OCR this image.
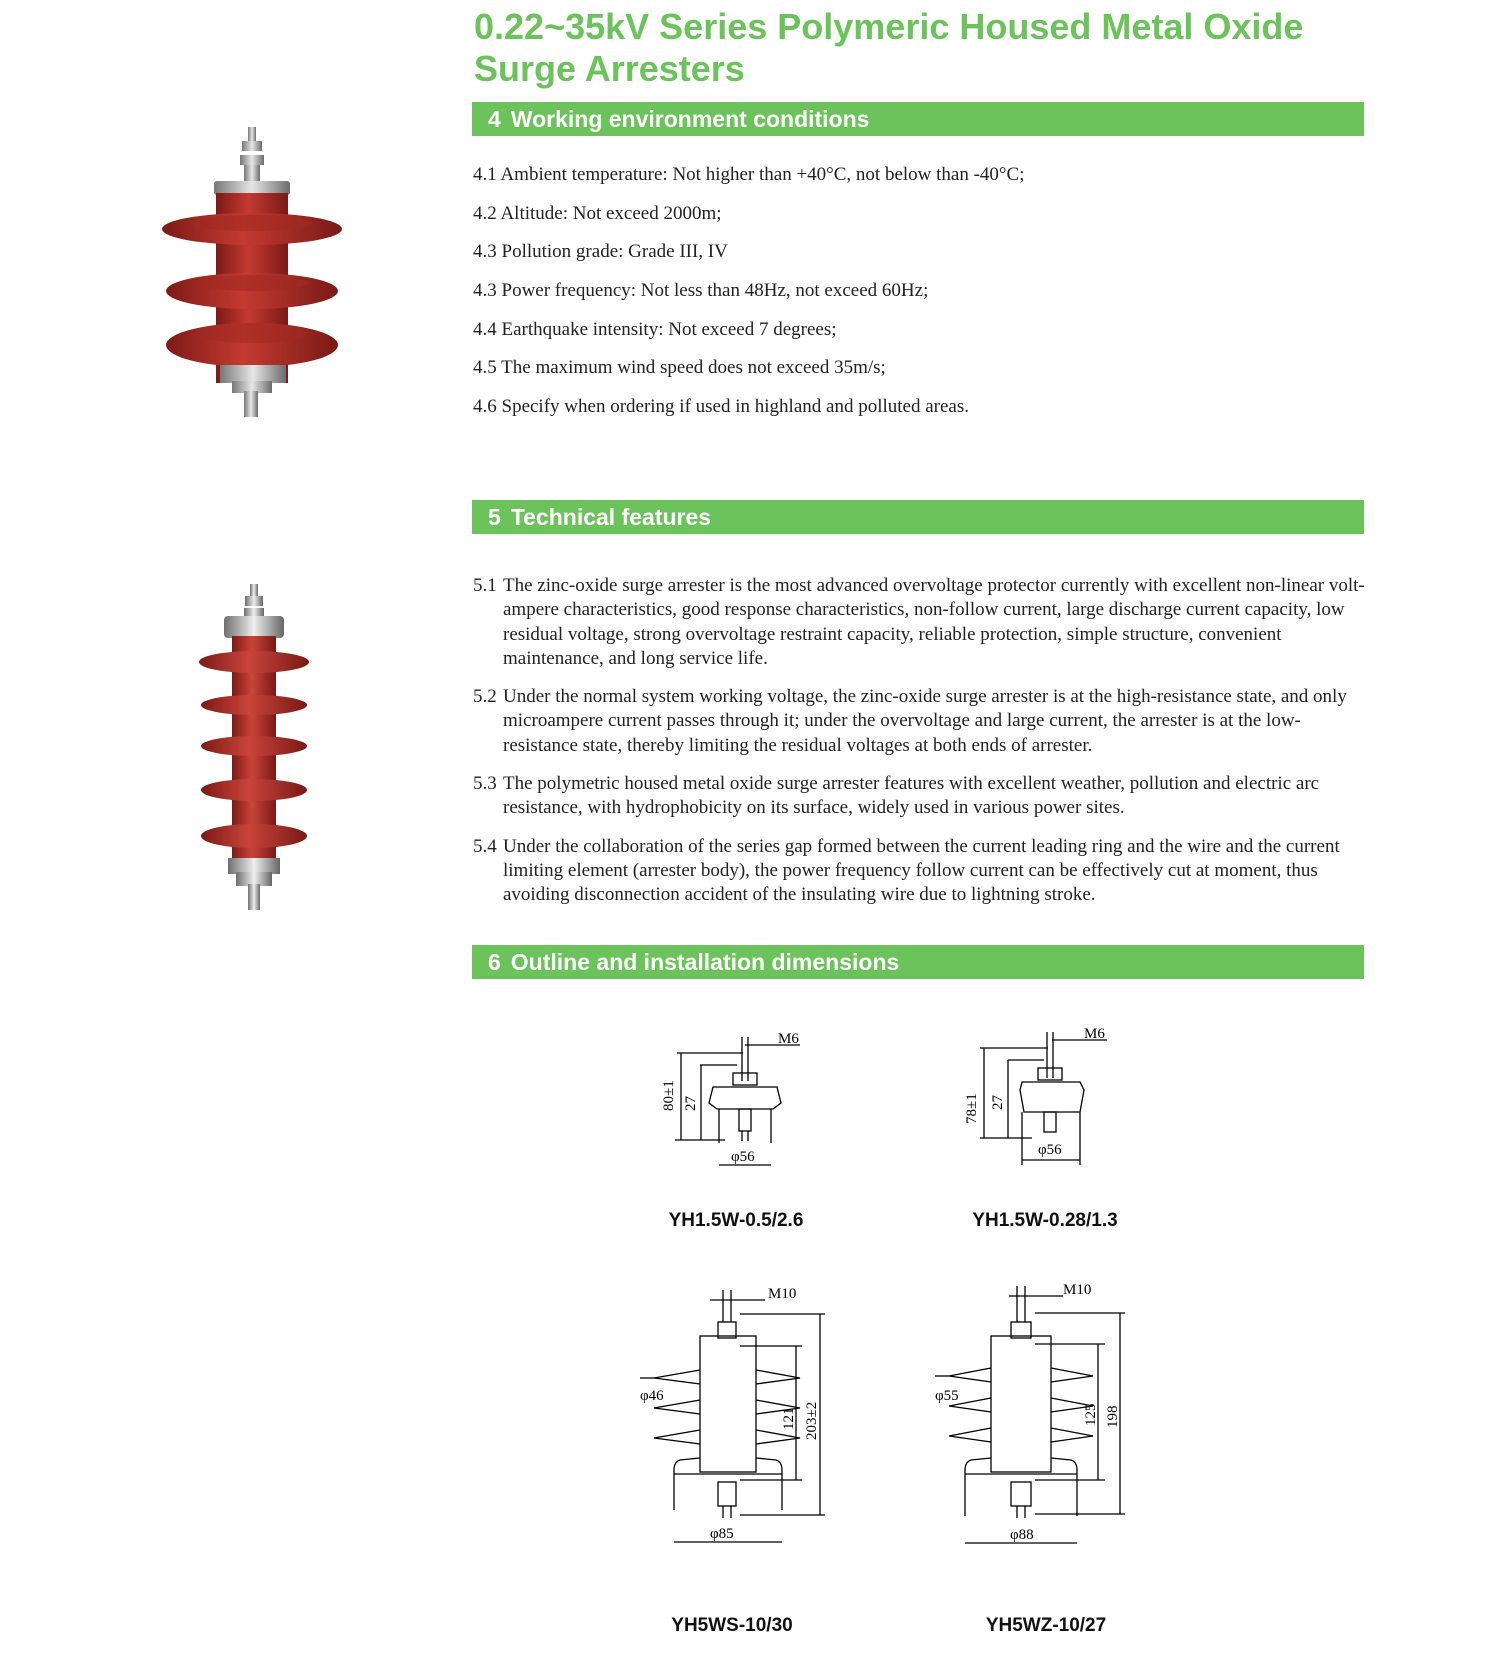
0.22~35kV Series Polymeric Housed Metal Oxide
Surge Arresters
4 Working environment conditions
4.1 Ambient temperature: Not higher than +40°C, not below than -40°C;
4.2 Altitude: Not exceed 2000m;
4.3 Pollution grade: Grade III, IV
4.3 Power frequency: Not less than 48Hz, not exceed 60Hz;
4.4 Earthquake intensity: Not exceed 7 degrees;
4.5 The maximum wind speed does not exceed 35m/s;
4.6 Specify when ordering if used in highland and polluted areas.
5 Technical features
5.1 The zinc-oxide surge arrester is the most advanced overvoltage protector currently with excellent non-linear volt-ampere characteristics, good response characteristics, non-follow current, large discharge current capacity, low residual voltage, strong overvoltage restraint capacity, reliable protection, simple structure, convenient maintenance, and long service life.
5.2 Under the normal system working voltage, the zinc-oxide surge arrester is at the high-resistance state, and only microampere current passes through it; under the overvoltage and large current, the arrester is at the low-resistance state, thereby limiting the residual voltages at both ends of arrester.
5.3 The polymetric housed metal oxide surge arrester features with excellent weather, pollution and electric arc resistance, with hydrophobicity on its surface, widely used in various power sites.
5.4 Under the collaboration of the series gap formed between the current leading ring and the wire and the current limiting element (arrester body), the power frequency follow current can be effectively cut at moment, thus avoiding disconnection accident of the insulating wire due to lightning stroke.
6 Outline and installation dimensions
M6
80±1 27
φ56
YH1.5W-0.5/2.6
M6
78±1 27
φ56
YH1.5W-0.28/1.3
M10
φ46
121 203±2
φ85
YH5WS-10/30
M10
φ55
125 198
φ88
YH5WZ-10/27
